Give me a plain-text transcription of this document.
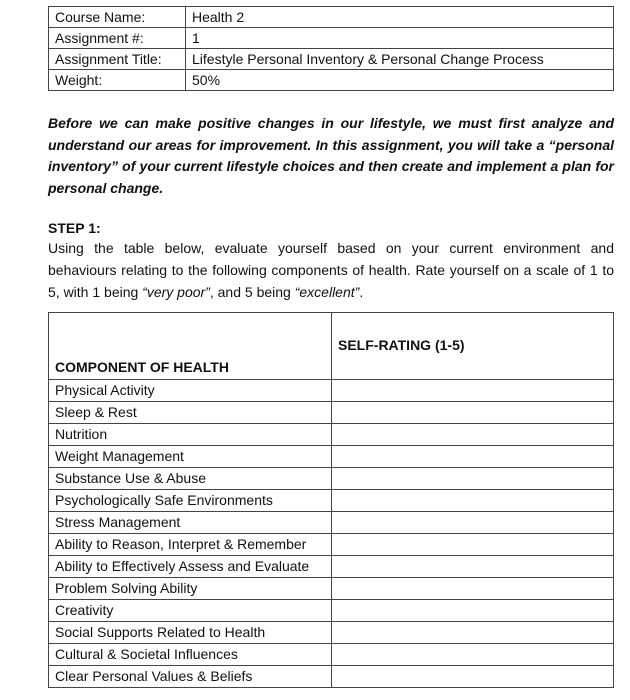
Course Name:	Health 2
Assignment #:	1
Assignment Title:	Lifestyle Personal Inventory & Personal Change Process
Weight:	50%

Before we can make positive changes in our lifestyle, we must first analyze and understand our areas for improvement. In this assignment, you will take a “personal inventory” of your current lifestyle choices and then create and implement a plan for personal change.

STEP 1:

Using the table below, evaluate yourself based on your current environment and behaviours relating to the following components of health. Rate yourself on a scale of 1 to 5, with 1 being “very poor”, and 5 being “excellent”.

COMPONENT OF HEALTH	SELF-RATING (1-5)
Physical Activity	
Sleep & Rest	
Nutrition	
Weight Management	
Substance Use & Abuse	
Psychologically Safe Environments	
Stress Management	
Ability to Reason, Interpret & Remember	
Ability to Effectively Assess and Evaluate	
Problem Solving Ability	
Creativity	
Social Supports Related to Health	
Cultural & Societal Influences	
Clear Personal Values & Beliefs	
